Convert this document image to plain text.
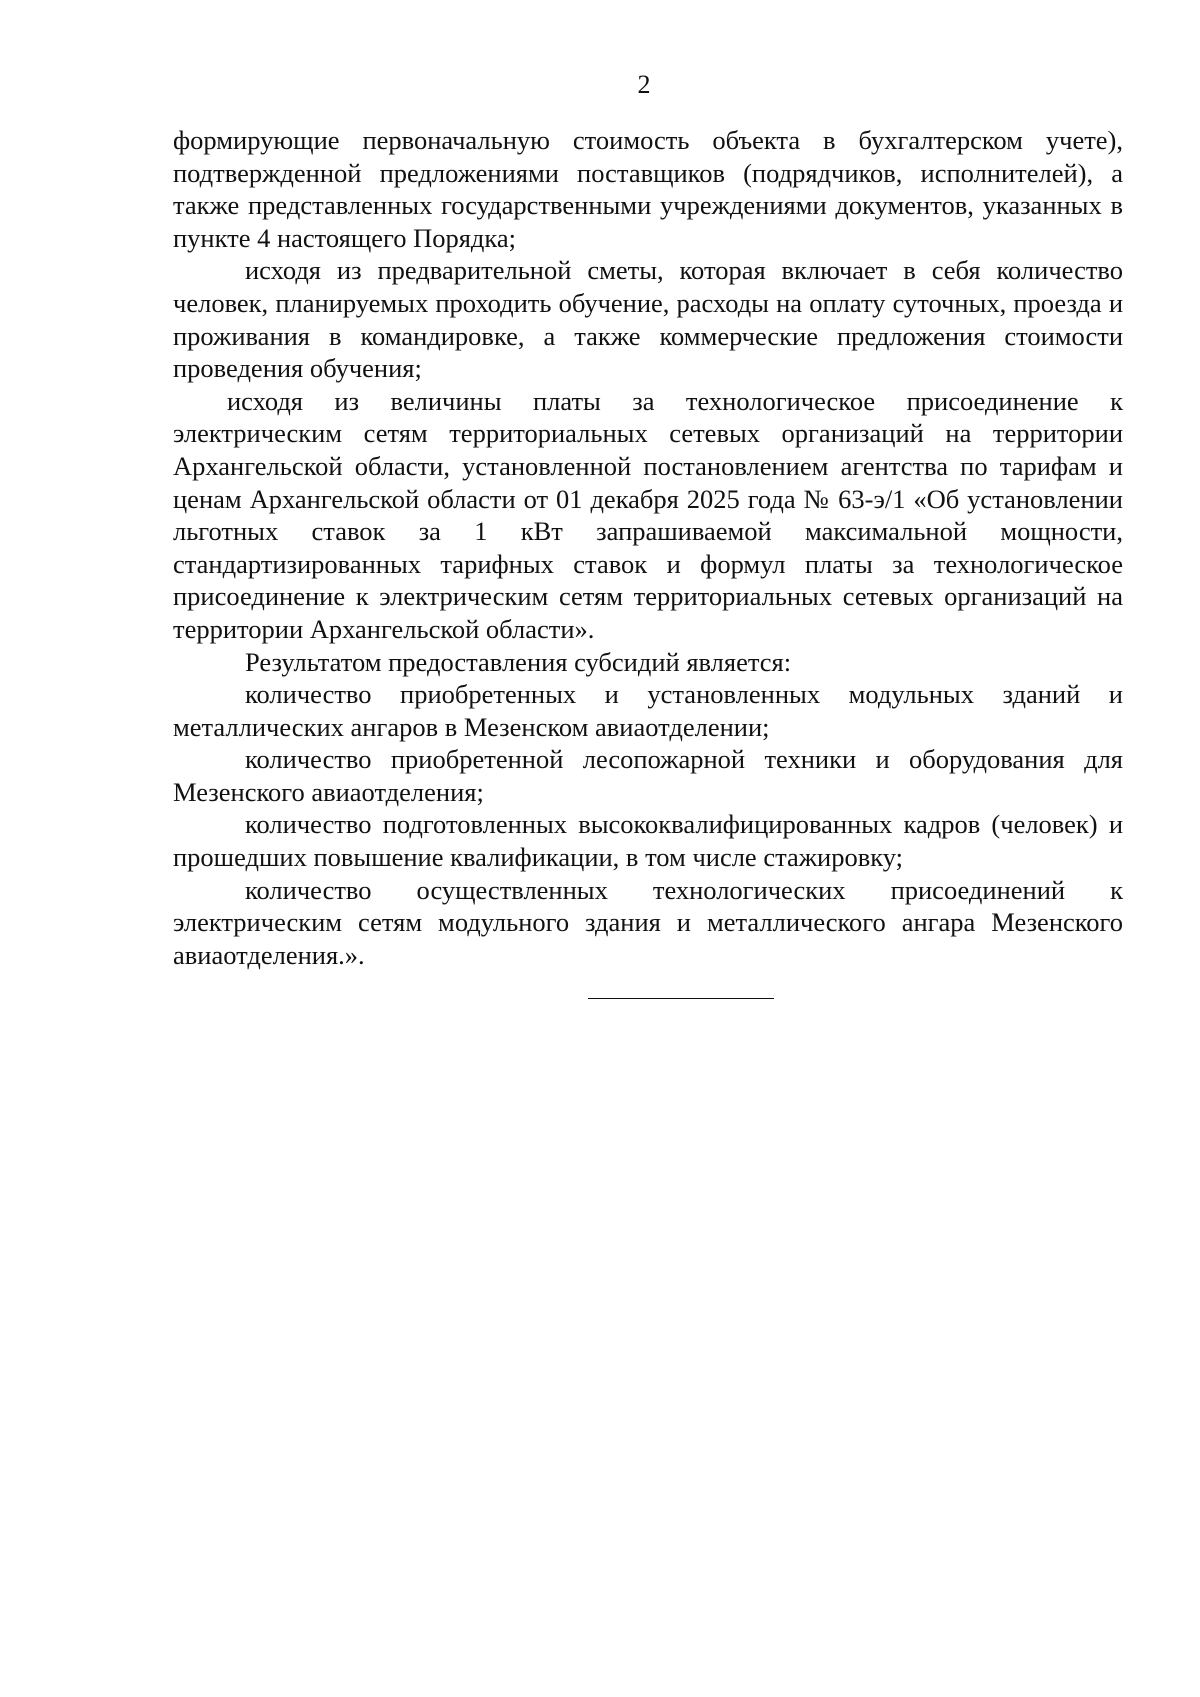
2

формирующие первоначальную стоимость объекта в бухгалтерском учете), подтвержденной предложениями поставщиков (подрядчиков, исполнителей), а также представленных государственными учреждениями документов, указанных в пункте 4 настоящего Порядка;

исходя из предварительной сметы, которая включает в себя количество человек, планируемых проходить обучение, расходы на оплату суточных, проезда и проживания в командировке, а также коммерческие предложения стоимости проведения обучения;

исходя из величины платы за технологическое присоединение к электрическим сетям территориальных сетевых организаций на территории Архангельской области, установленной постановлением агентства по тарифам и ценам Архангельской области от 01 декабря 2025 года № 63-э/1 «Об установлении льготных ставок за 1 кВт запрашиваемой максимальной мощности, стандартизированных тарифных ставок и формул платы за технологическое присоединение к электрическим сетям территориальных сетевых организаций на территории Архангельской области».

Результатом предоставления субсидий является:

количество приобретенных и установленных модульных зданий и металлических ангаров в Мезенском авиаотделении;

количество приобретенной лесопожарной техники и оборудования для Мезенского авиаотделения;

количество подготовленных высококвалифицированных кадров (человек) и прошедших повышение квалификации, в том числе стажировку;

количество осуществленных технологических присоединений к электрическим сетям модульного здания и металлического ангара Мезенского авиаотделения.».
